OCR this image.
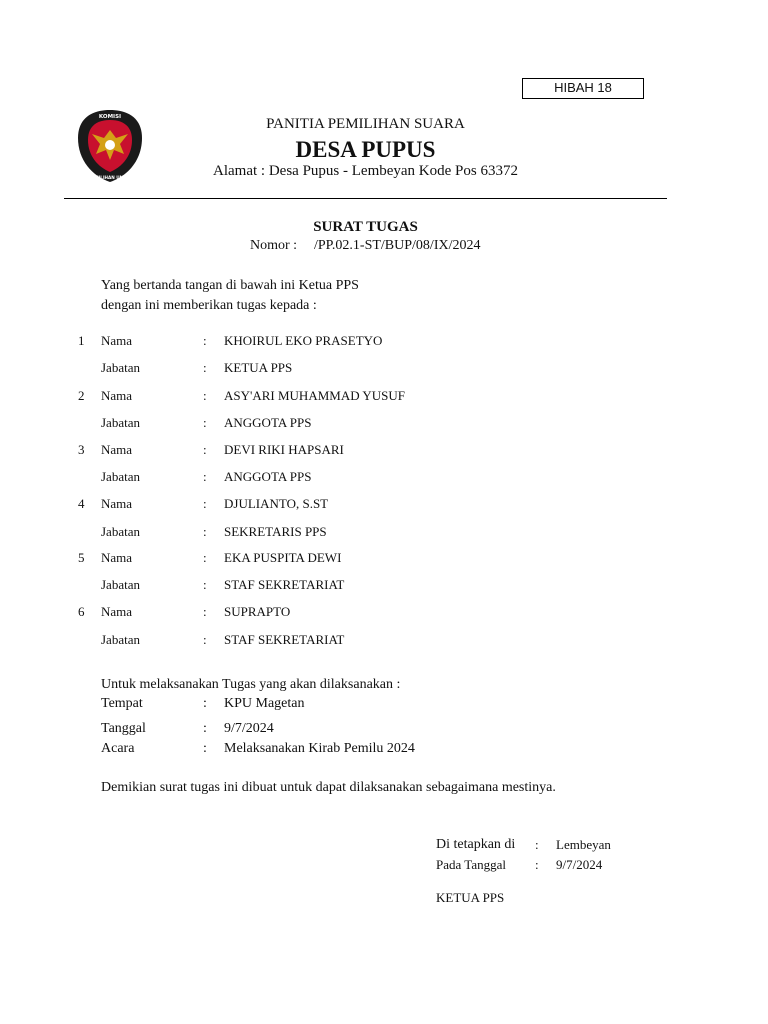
HIBAH 18
KOMISI
PEMILIHAN UMUM
PANITIA PEMILIHAN SUARA
DESA PUPUS
Alamat : Desa Pupus - Lembeyan Kode Pos 63372
SURAT TUGAS
Nomor : /PP.02.1-ST/BUP/08/IX/2024
Yang bertanda tangan di bawah ini Ketua PPS
dengan ini memberikan tugas kepada :
1 Nama	: KHOIRUL EKO PRASETYO
Jabatan	: KETUA PPS
2 Nama	: ASY'ARI MUHAMMAD YUSUF
Jabatan	: ANGGOTA PPS
3 Nama	: DEVI RIKI HAPSARI
Jabatan	: ANGGOTA PPS
4 Nama	: DJULIANTO, S.ST
Jabatan	: SEKRETARIS PPS
5 Nama	: EKA PUSPITA DEWI
Jabatan	: STAF SEKRETARIAT
6 Nama	: SUPRAPTO
Jabatan	: STAF SEKRETARIAT
Untuk melaksanakan Tugas yang akan dilaksanakan :
Tempat	: KPU Magetan
Tanggal	: 9/7/2024
Acara	: Melaksanakan Kirab Pemilu 2024
Demikian surat tugas ini dibuat untuk dapat dilaksanakan sebagaimana mestinya.
Di tetapkan di : Lembeyan
Pada Tanggal : 9/7/2024
KETUA PPS
